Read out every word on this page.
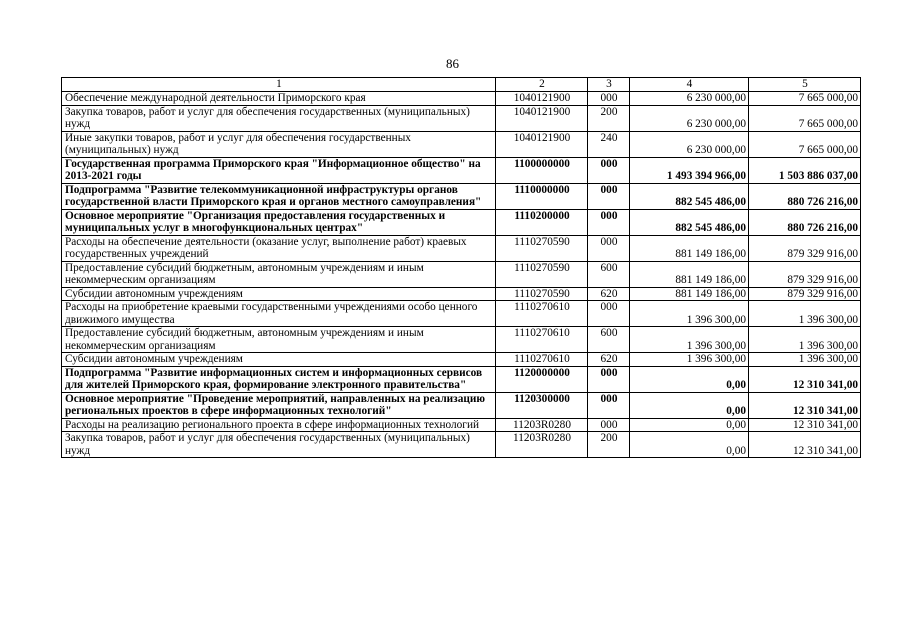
86
1	2	3	4	5
Обеспечение международной деятельности Приморского края	1040121900	000	6 230 000,00	7 665 000,00
Закупка товаров, работ и услуг для обеспечения государственных (муниципальных) нужд	1040121900	200	6 230 000,00	7 665 000,00
Иные закупки товаров, работ и услуг для обеспечения государственных (муниципальных) нужд	1040121900	240	6 230 000,00	7 665 000,00
Государственная программа Приморского края "Информационное общество" на 2013-2021 годы	1100000000	000	1 493 394 966,00	1 503 886 037,00
Подпрограмма "Развитие телекоммуникационной инфраструктуры органов государственной власти Приморского края и органов местного самоуправления"	1110000000	000	882 545 486,00	880 726 216,00
Основное мероприятие "Организация предоставления государственных и муниципальных услуг в многофункциональных центрах"	1110200000	000	882 545 486,00	880 726 216,00
Расходы на обеспечение деятельности (оказание услуг, выполнение работ) краевых государственных учреждений	1110270590	000	881 149 186,00	879 329 916,00
Предоставление субсидий бюджетным, автономным учреждениям и иным некоммерческим организациям	1110270590	600	881 149 186,00	879 329 916,00
Субсидии автономным учреждениям	1110270590	620	881 149 186,00	879 329 916,00
Расходы на приобретение краевыми государственными учреждениями особо ценного движимого имущества	1110270610	000	1 396 300,00	1 396 300,00
Предоставление субсидий бюджетным, автономным учреждениям и иным некоммерческим организациям	1110270610	600	1 396 300,00	1 396 300,00
Субсидии автономным учреждениям	1110270610	620	1 396 300,00	1 396 300,00
Подпрограмма "Развитие информационных систем и информационных сервисов для жителей Приморского края, формирование электронного правительства"	1120000000	000	0,00	12 310 341,00
Основное мероприятие "Проведение мероприятий, направленных на реализацию региональных проектов в сфере информационных технологий"	1120300000	000	0,00	12 310 341,00
Расходы на реализацию регионального проекта в сфере информационных технологий	11203R0280	000	0,00	12 310 341,00
Закупка товаров, работ и услуг для обеспечения государственных (муниципальных) нужд	11203R0280	200	0,00	12 310 341,00
